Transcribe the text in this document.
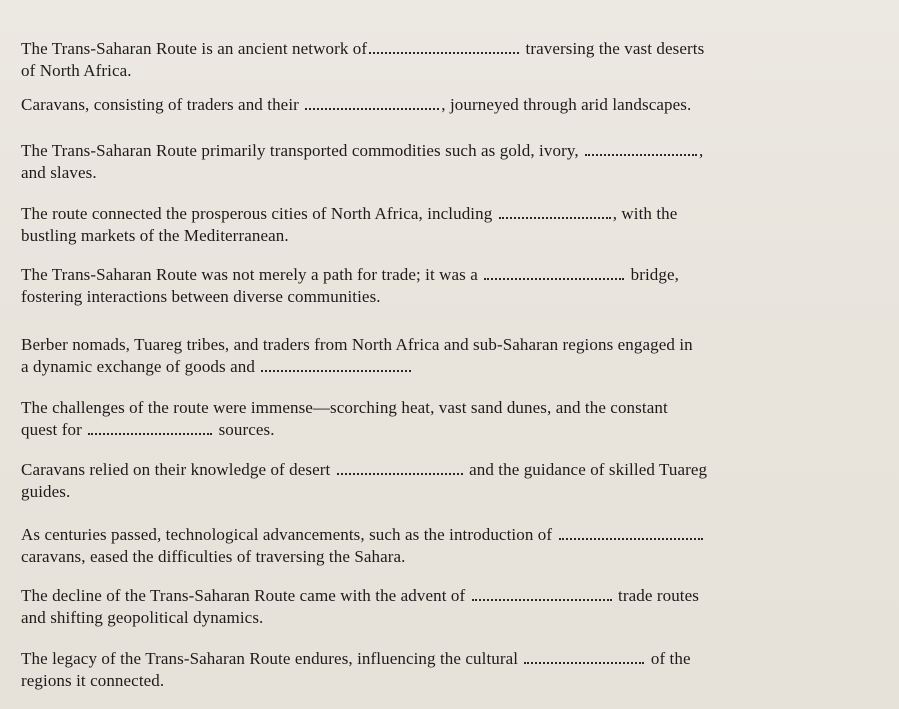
The Trans-Saharan Route is an ancient network of	traversing the vast deserts
of North Africa.
Caravans, consisting of traders and their	, journeyed through arid landscapes.
The Trans-Saharan Route primarily transported commodities such as gold, ivory,	,
and slaves.
The route connected the prosperous cities of North Africa, including	, with the
bustling markets of the Mediterranean.
The Trans-Saharan Route was not merely a path for trade; it was a	bridge,
fostering interactions between diverse communities.
Berber nomads, Tuareg tribes, and traders from North Africa and sub-Saharan regions engaged in
a dynamic exchange of goods and
The challenges of the route were immense—scorching heat, vast sand dunes, and the constant
quest for	sources.
Caravans relied on their knowledge of desert	and the guidance of skilled Tuareg
guides.
As centuries passed, technological advancements, such as the introduction of
caravans, eased the difficulties of traversing the Sahara.
The decline of the Trans-Saharan Route came with the advent of	trade routes
and shifting geopolitical dynamics.
The legacy of the Trans-Saharan Route endures, influencing the cultural	of the
regions it connected.
